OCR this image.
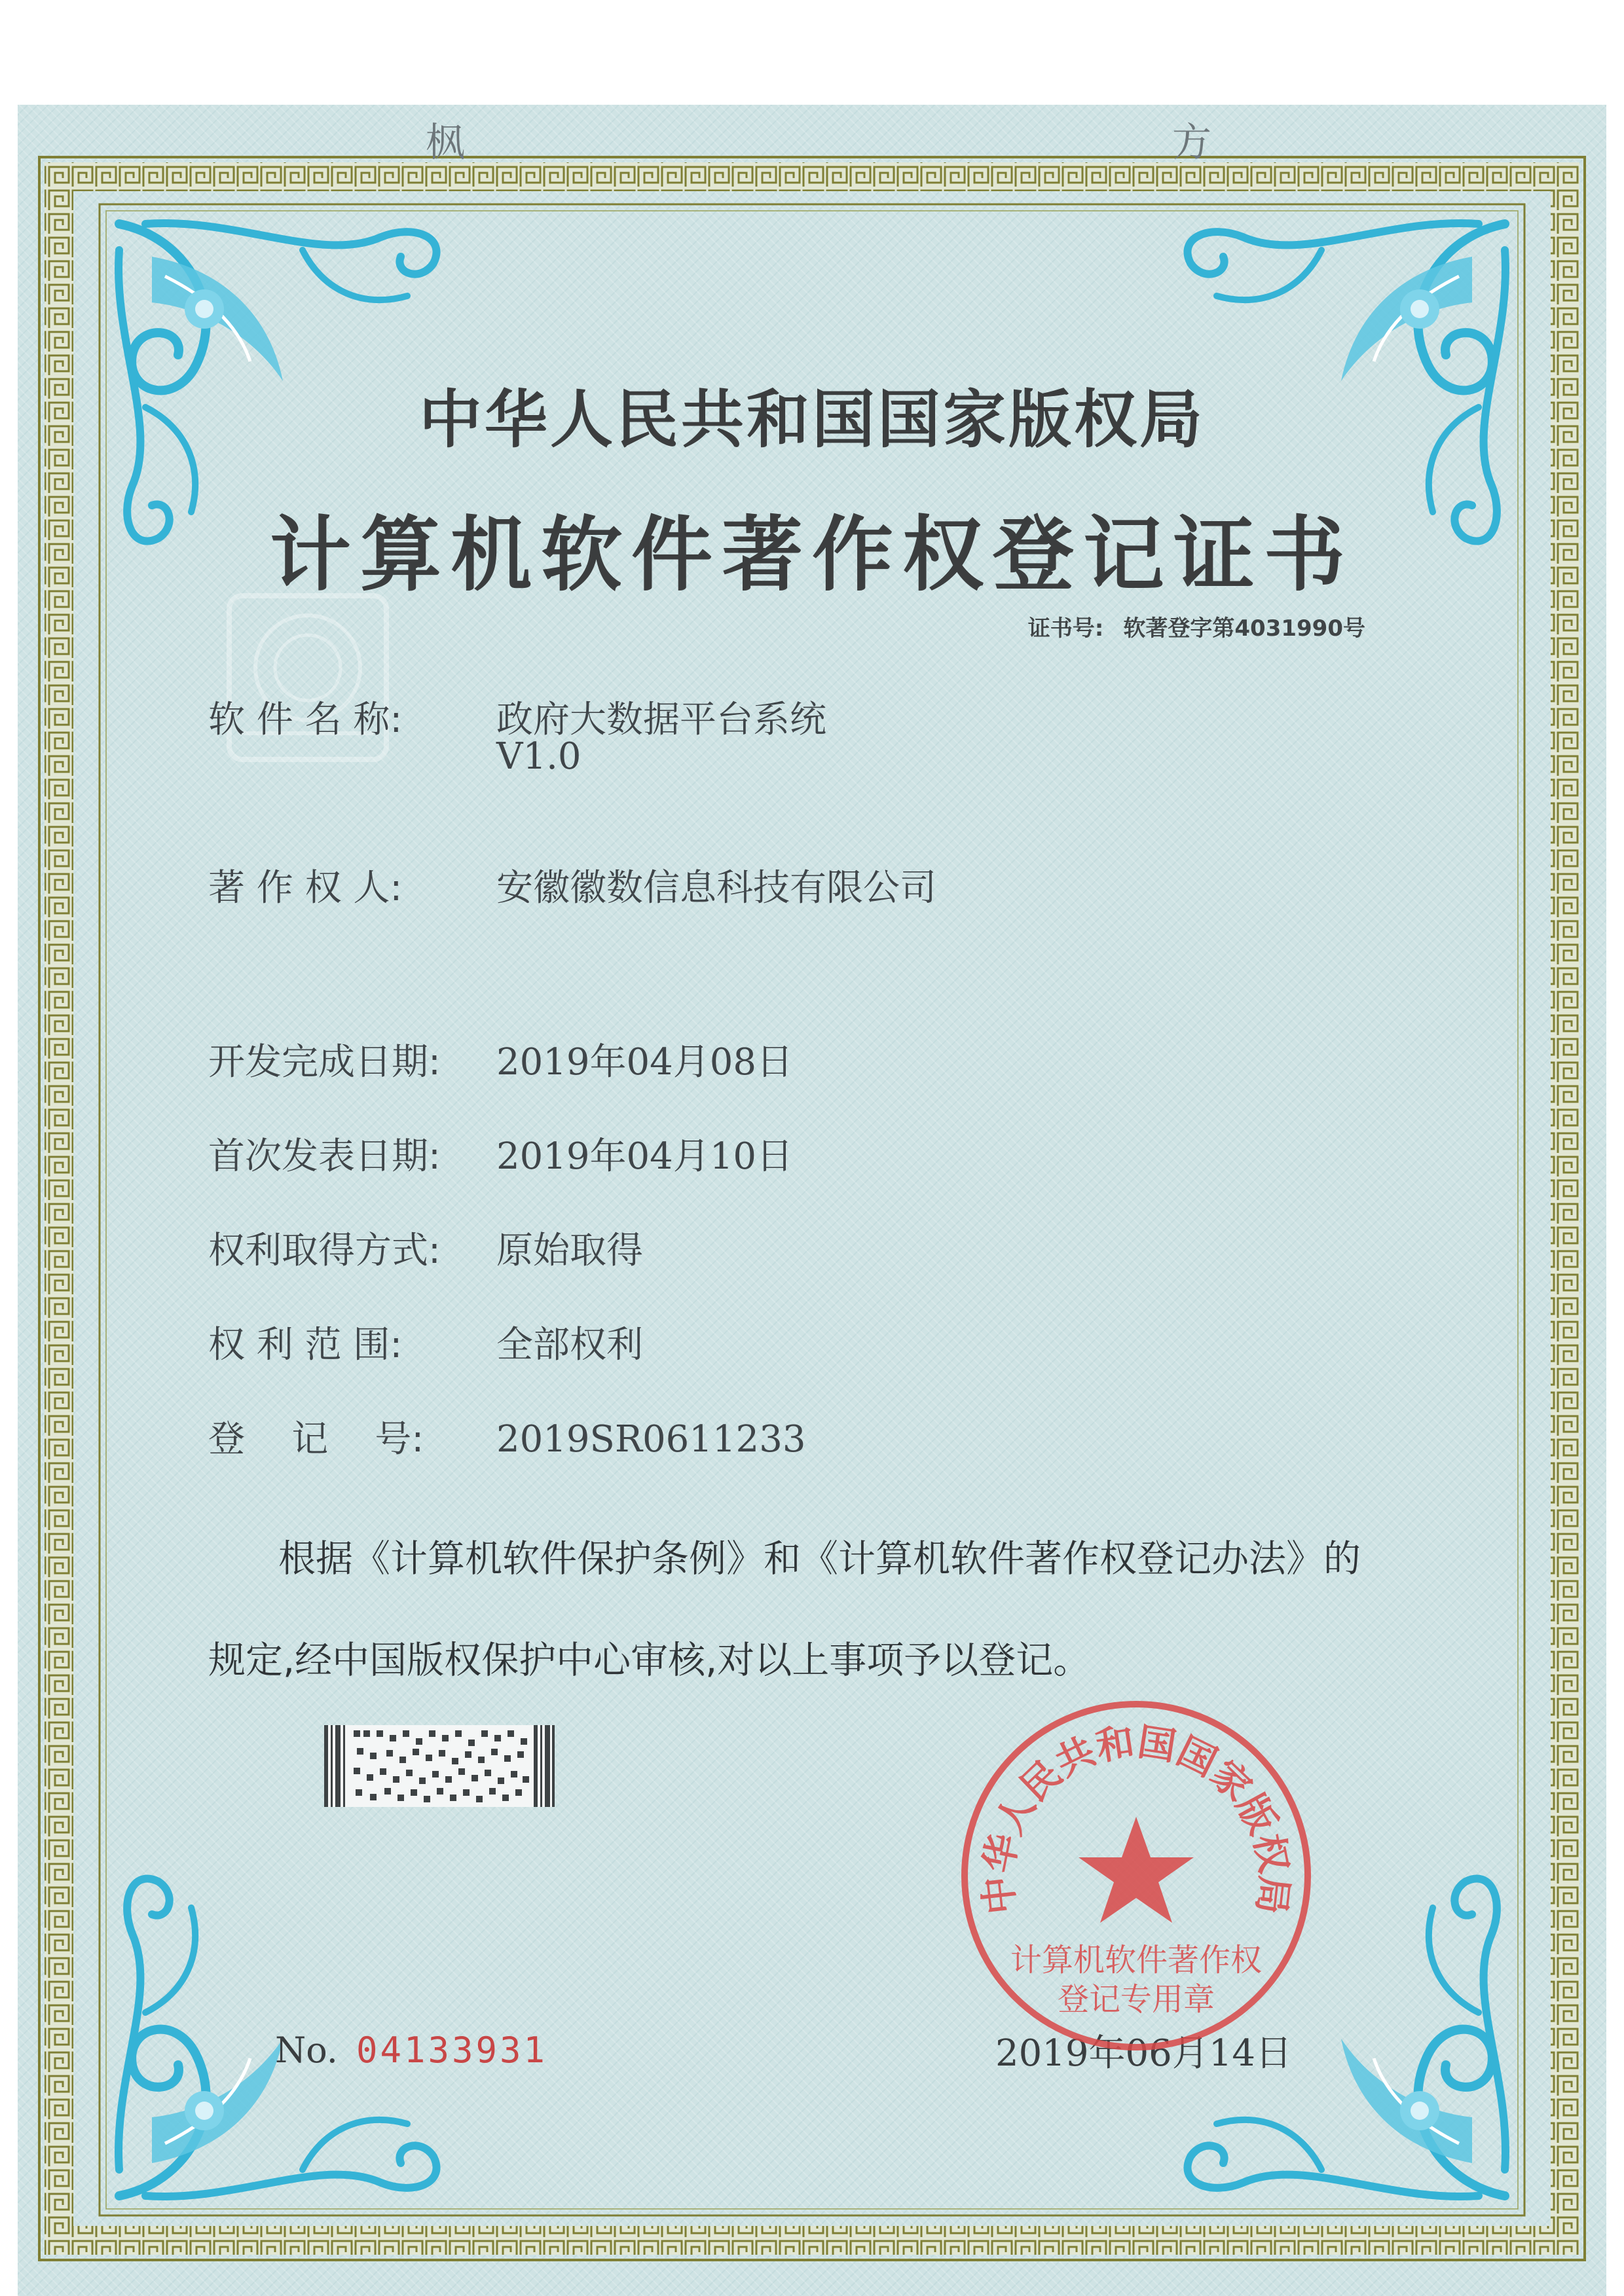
枫	方
中华人民共和国国家版权局
计算机软件著作权登记证书
证书号: 软著登字第4031990号
软 件 名 称:	政府大数据平台系统
V1.0
著 作 权 人:	安徽徽数信息科技有限公司
开发完成日期: 2019年04月08日
首次发表日期: 2019年04月10日
权利取得方式: 原始取得
权 利 范 围:	全部权利
登    记    号: 2019SR0611233
根据《计算机软件保护条例》和《计算机软件著作权登记办法》的
规定,经中国版权保护中心审核,对以上事项予以登记。
No. 04133931	2019年06月14日
中华人民共和国国家版权局
计算机软件著作权
登记专用章
